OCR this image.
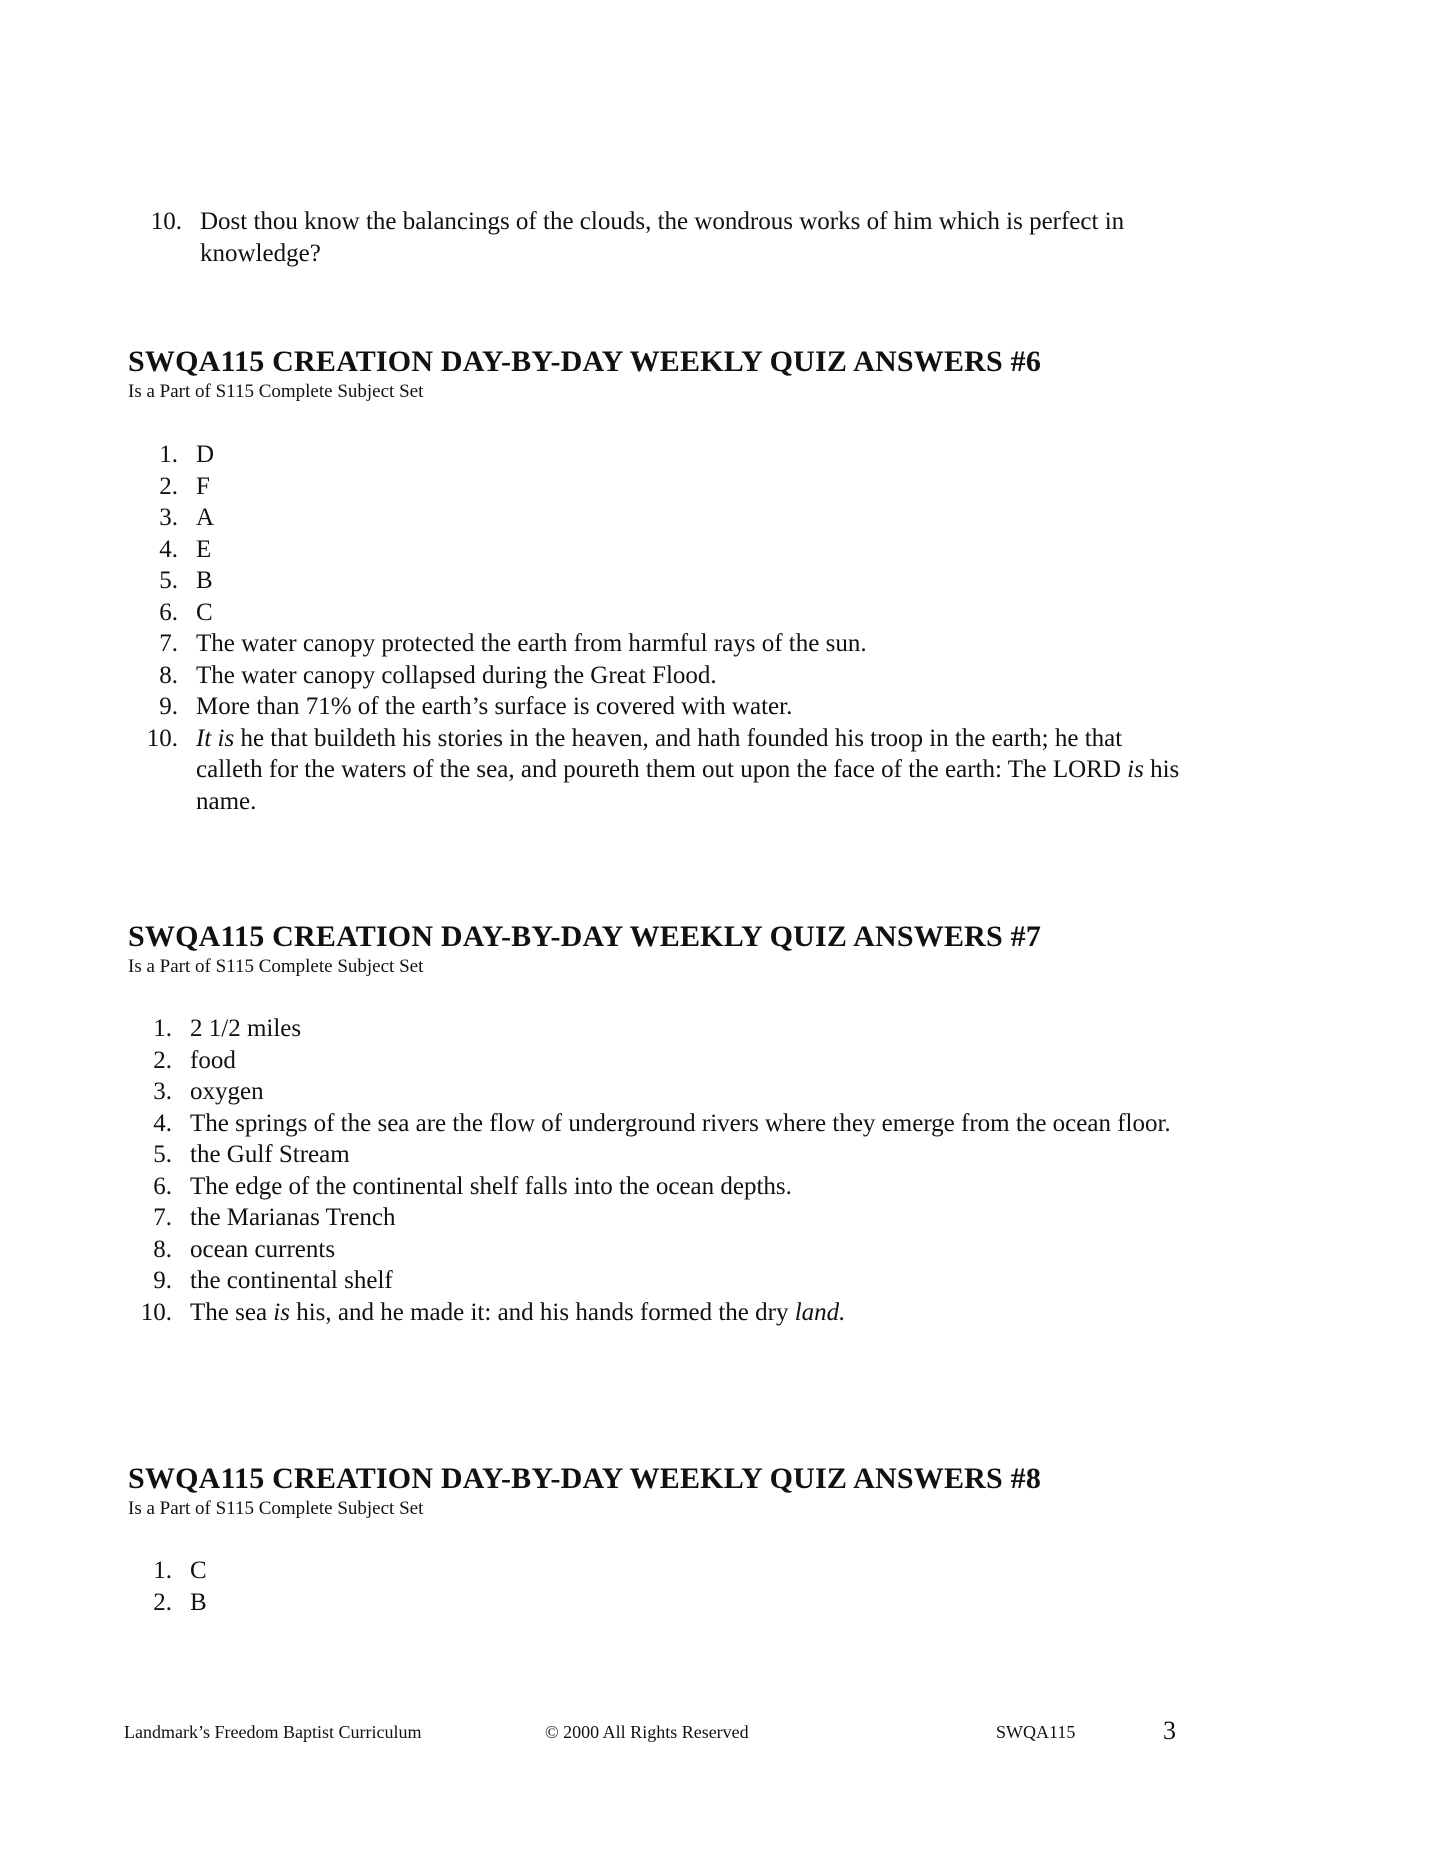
10. Dost thou know the balancings of the clouds, the wondrous works of him which is perfect in knowledge?
SWQA115 CREATION DAY-BY-DAY WEEKLY QUIZ ANSWERS #6
Is a Part of S115 Complete Subject Set
1. D
2. F
3. A
4. E
5. B
6. C
7. The water canopy protected the earth from harmful rays of the sun.
8. The water canopy collapsed during the Great Flood.
9. More than 71% of the earth’s surface is covered with water.
10. It is he that buildeth his stories in the heaven, and hath founded his troop in the earth; he that calleth for the waters of the sea, and poureth them out upon the face of the earth: The LORD is his name.
SWQA115 CREATION DAY-BY-DAY WEEKLY QUIZ ANSWERS #7
Is a Part of S115 Complete Subject Set
1. 2 1/2 miles
2. food
3. oxygen
4. The springs of the sea are the flow of underground rivers where they emerge from the ocean floor.
5. the Gulf Stream
6. The edge of the continental shelf falls into the ocean depths.
7. the Marianas Trench
8. ocean currents
9. the continental shelf
10. The sea is his, and he made it: and his hands formed the dry land.
SWQA115 CREATION DAY-BY-DAY WEEKLY QUIZ ANSWERS #8
Is a Part of S115 Complete Subject Set
1. C
2. B
Landmark’s Freedom Baptist Curriculum	© 2000 All Rights Reserved	SWQA115	3
